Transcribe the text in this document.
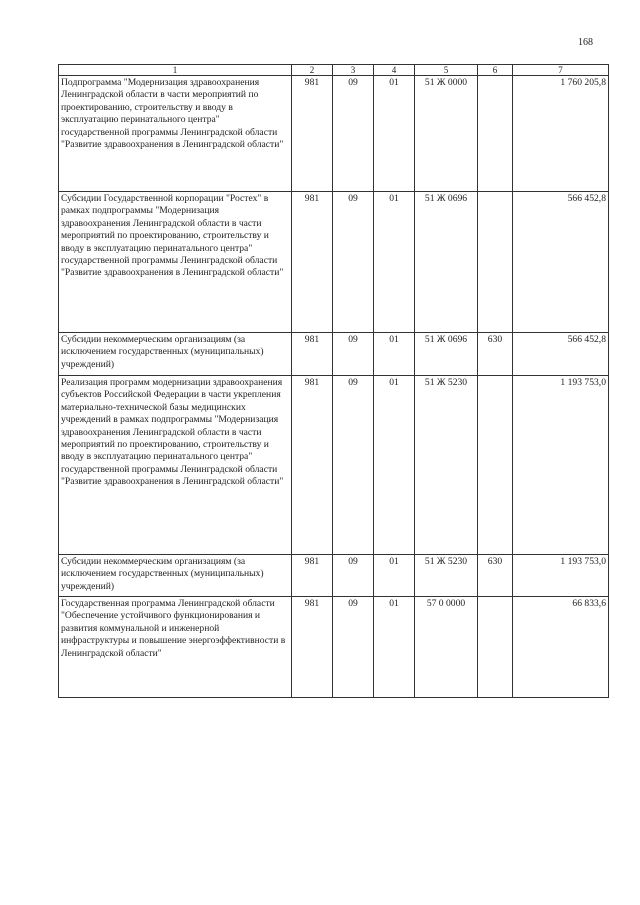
168
1	2	3	4	5	6	7
Подпрограмма "Модернизация здравоохранения Ленинградской области в части мероприятий по проектированию, строительству и вводу в эксплуатацию перинатального центра" государственной программы Ленинградской области "Развитие здравоохранения в Ленинградской области"	981	09	01	51 Ж 0000		1 760 205,8
Субсидии Государственной корпорации "Ростех" в рамках подпрограммы "Модернизация здравоохранения Ленинградской области в части мероприятий по проектированию, строительству и вводу в эксплуатацию перинатального центра" государственной программы Ленинградской области "Развитие здравоохранения в Ленинградской области"	981	09	01	51 Ж 0696		566 452,8
Субсидии некоммерческим организациям (за исключением государственных (муниципальных) учреждений)	981	09	01	51 Ж 0696	630	566 452,8
Реализация программ модернизации здравоохранения субъектов Российской Федерации в части укрепления материально-технической базы медицинских учреждений в рамках подпрограммы "Модернизация здравоохранения Ленинградской области в части мероприятий по проектированию, строительству и вводу в эксплуатацию перинатального центра" государственной программы Ленинградской области "Развитие здравоохранения в Ленинградской области"	981	09	01	51 Ж 5230		1 193 753,0
Субсидии некоммерческим организациям (за исключением государственных (муниципальных) учреждений)	981	09	01	51 Ж 5230	630	1 193 753,0
Государственная программа Ленинградской области "Обеспечение устойчивого функционирования и развития коммунальной и инженерной инфраструктуры и повышение энергоэффективности в Ленинградской области"	981	09	01	57 0 0000		66 833,6
